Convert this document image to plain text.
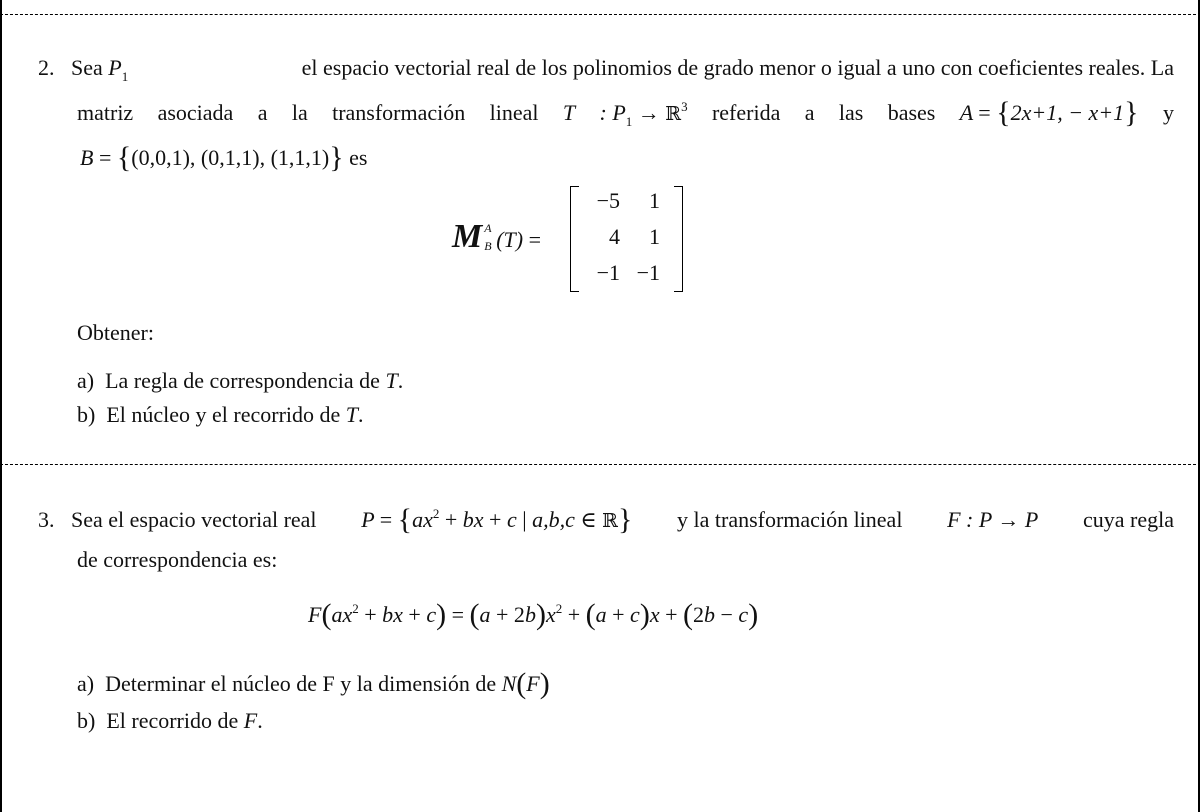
2. Sea $P_1$	el espacio vectorial real de los polinomios de grado menor o igual a uno con coeficientes reales. La
matriz asociada a la transformación lineal T : $P_1$ → ℝ$^3$ referida a las bases A = {2x+1, − x+1} y
B = {(0,0,1), (0,1,1), (1,1,1)} es
M A
B (T) =
−5	1
4	1
−1 −1
Obtener:
a) La regla de correspondencia de T.
b) El núcleo y el recorrido de T.
3. Sea el espacio vectorial real $P = \{ax^2$ + bx + c | a,b,c ∈ ℝ} y la transformación lineal F : P → P cuya regla
de correspondencia es:
$F(ax^2$ + bx + $c) = (a + 2b)x^2 + (a + c)x + (2b - c)$
a) Determinar el núcleo de F y la dimensión de N(F)
b) El recorrido de F.
